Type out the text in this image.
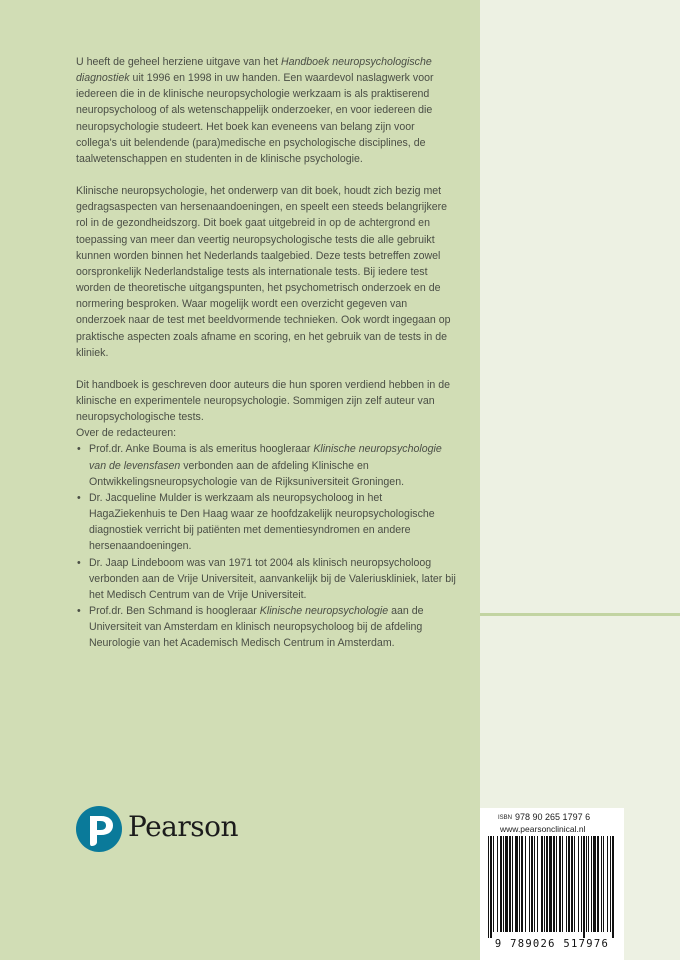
U heeft de geheel herziene uitgave van het Handboek neuropsychologische diagnostiek uit 1996 en 1998 in uw handen. Een waardevol naslagwerk voor iedereen die in de klinische neuropsychologie werkzaam is als praktiserend neuropsycholoog of als wetenschappelijk onderzoeker, en voor iedereen die neuropsychologie studeert. Het boek kan eveneens van belang zijn voor collega's uit belendende (para)medische en psychologische disciplines, de taalwetenschappen en studenten in de klinische psychologie.

Klinische neuropsychologie, het onderwerp van dit boek, houdt zich bezig met gedragsaspecten van hersenaandoeningen, en speelt een steeds belangrijkere rol in de gezondheidszorg. Dit boek gaat uitgebreid in op de achtergrond en toepassing van meer dan veertig neuropsychologische tests die alle gebruikt kunnen worden binnen het Nederlands taalgebied. Deze tests betreffen zowel oorspronkelijk Nederlandstalige tests als internationale tests. Bij iedere test worden de theoretische uitgangspunten, het psychometrisch onderzoek en de normering besproken. Waar mogelijk wordt een overzicht gegeven van onderzoek naar de test met beeldvormende technieken. Ook wordt ingegaan op praktische aspecten zoals afname en scoring, en het gebruik van de tests in de kliniek.

Dit handboek is geschreven door auteurs die hun sporen verdiend hebben in de klinische en experimentele neuropsychologie. Sommigen zijn zelf auteur van neuropsychologische tests.

Over de redacteuren:

• Prof.dr. Anke Bouma is als emeritus hoogleraar Klinische neuropsychologie van de levensfasen verbonden aan de afdeling Klinische en Ontwikkelingsneuropsychologie van de Rijksuniversiteit Groningen.
• Dr. Jacqueline Mulder is werkzaam als neuropsycholoog in het HagaZiekenhuis te Den Haag waar ze hoofdzakelijk neuropsychologische diagnostiek verricht bij patiënten met dementiesyndromen en andere hersenaandoeningen.
• Dr. Jaap Lindeboom was van 1971 tot 2004 als klinisch neuropsycholoog verbonden aan de Vrije Universiteit, aanvankelijk bij de Valeriuskliniek, later bij het Medisch Centrum van de Vrije Universiteit.
• Prof.dr. Ben Schmand is hoogleraar Klinische neuropsychologie aan de Universiteit van Amsterdam en klinisch neuropsycholoog bij de afdeling Neurologie van het Academisch Medisch Centrum in Amsterdam.
Pearson	ISBN 978 90 265 1797 6
www.pearsonclinical.nl
9 789026 517976
